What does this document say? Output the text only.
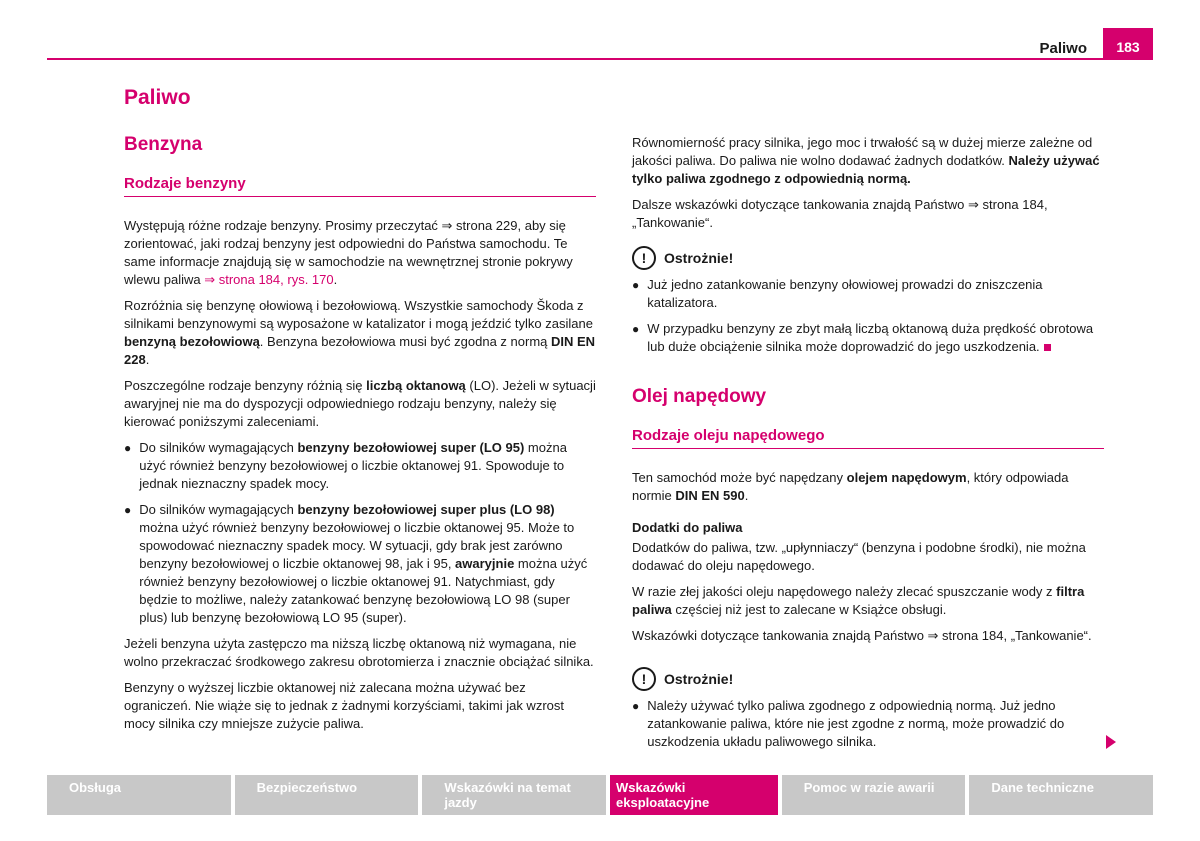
Paliwo 183
Paliwo
Benzyna
Rodzaje benzyny

Występują różne rodzaje benzyny. Prosimy przeczytać ⇒ strona 229, aby się zorientować, jaki rodzaj benzyny jest odpowiedni do Państwa samochodu. Te same informacje znajdują się w samochodzie na wewnętrznej stronie pokrywy wlewu paliwa ⇒ strona 184, rys. 170.

Rozróżnia się benzynę ołowiową i bezołowiową. Wszystkie samochody Škoda z silnikami benzynowymi są wyposażone w katalizator i mogą jeździć tylko zasilane benzyną bezołowiową. Benzyna bezołowiowa musi być zgodna z normą DIN EN 228.

Poszczególne rodzaje benzyny różnią się liczbą oktanową (LO). Jeżeli w sytuacji awaryjnej nie ma do dyspozycji odpowiedniego rodzaju benzyny, należy się kierować poniższymi zaleceniami.

● Do silników wymagających benzyny bezołowiowej super (LO 95) można użyć również benzyny bezołowiowej o liczbie oktanowej 91. Spowoduje to jednak nieznaczny spadek mocy.
● Do silników wymagających benzyny bezołowiowej super plus (LO 98) można użyć również benzyny bezołowiowej o liczbie oktanowej 95. Może to spowodować nieznaczny spadek mocy. W sytuacji, gdy brak jest zarówno benzyny bezołowiowej o liczbie oktanowej 98, jak i 95, awaryjnie można użyć również benzyny bezołowiowej o liczbie oktanowej 91. Natychmiast, gdy będzie to możliwe, należy zatankować benzynę bezołowiową LO 98 (super plus) lub benzynę bezołowiową LO 95 (super).

Jeżeli benzyna użyta zastępczo ma niższą liczbę oktanową niż wymagana, nie wolno przekraczać środkowego zakresu obrotomierza i znacznie obciążać silnika.

Benzyny o wyższej liczbie oktanowej niż zalecana można używać bez ograniczeń. Nie wiąże się to jednak z żadnymi korzyściami, takimi jak wzrost mocy silnika czy mniejsze zużycie paliwa.

Równomierność pracy silnika, jego moc i trwałość są w dużej mierze zależne od jakości paliwa. Do paliwa nie wolno dodawać żadnych dodatków. Należy używać tylko paliwa zgodnego z odpowiednią normą.

Dalsze wskazówki dotyczące tankowania znajdą Państwo ⇒ strona 184, „Tankowanie“.

!	Ostrożnie!
● Już jedno zatankowanie benzyny ołowiowej prowadzi do zniszczenia katalizatora.
● W przypadku benzyny ze zbyt małą liczbą oktanową duża prędkość obrotowa lub duże obciążenie silnika może doprowadzić do jego uszkodzenia.
Olej napędowy
Rodzaje oleju napędowego

Ten samochód może być napędzany olejem napędowym, który odpowiada normie DIN EN 590.

Dodatki do paliwa

Dodatków do paliwa, tzw. „upłynniaczy“ (benzyna i podobne środki), nie można dodawać do oleju napędowego.

W razie złej jakości oleju napędowego należy zlecać spuszczanie wody z filtra paliwa częściej niż jest to zalecane w Książce obsługi.

Wskazówki dotyczące tankowania znajdą Państwo ⇒ strona 184, „Tankowanie“.

!	Ostrożnie!
● Należy używać tylko paliwa zgodnego z odpowiednią normą. Już jedno zatankowanie paliwa, które nie jest zgodne z normą, może prowadzić do uszkodzenia układu paliwowego silnika.
Obsługa	Bezpieczeństwo	Wskazówki na temat jazdy
Wskazówki eksploatacyjne
Pomoc w razie awarii	Dane techniczne
